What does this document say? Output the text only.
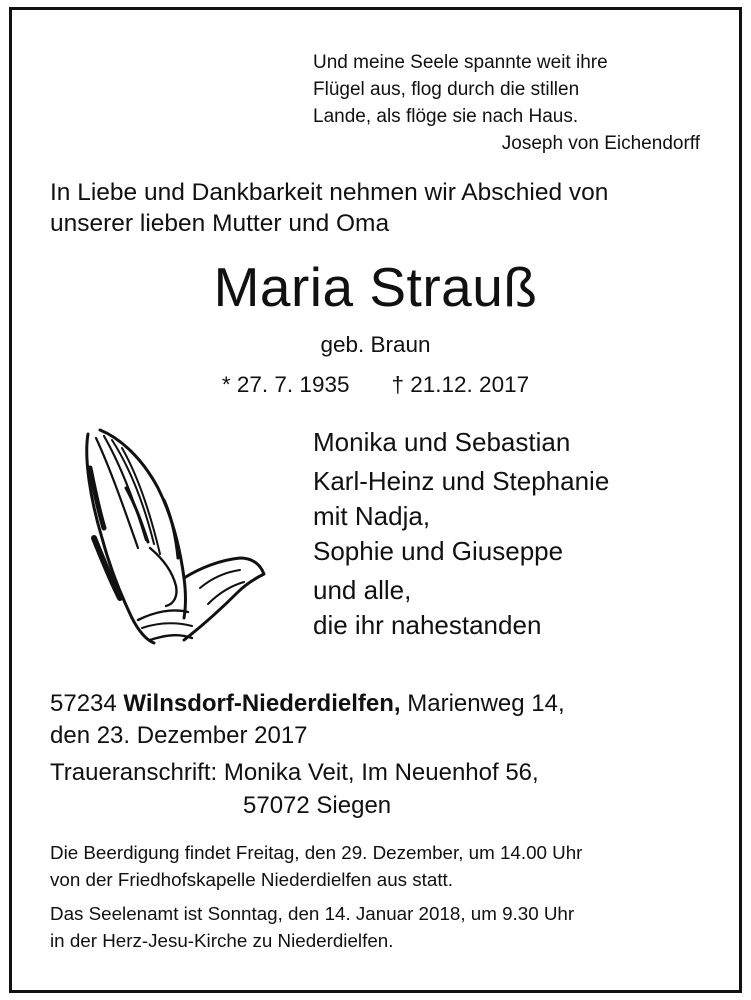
Und meine Seele spannte weit ihre
Flügel aus, flog durch die stillen
Lande, als flöge sie nach Haus.
Joseph von Eichendorff
In Liebe und Dankbarkeit nehmen wir Abschied von
unserer lieben Mutter und Oma
Maria Strauß
geb. Braun
* 27. 7. 1935 † 21.12. 2017
Monika und Sebastian
Karl-Heinz und Stephanie
mit Nadja,
Sophie und Giuseppe
und alle,
die ihr nahestanden
57234 Wilnsdorf-Niederdielfen, Marienweg 14,
den 23. Dezember 2017
Traueranschrift: Monika Veit, Im Neuenhof 56,
57072 Siegen
Die Beerdigung findet Freitag, den 29. Dezember, um 14.00 Uhr
von der Friedhofskapelle Niederdielfen aus statt.
Das Seelenamt ist Sonntag, den 14. Januar 2018, um 9.30 Uhr
in der Herz-Jesu-Kirche zu Niederdielfen.
